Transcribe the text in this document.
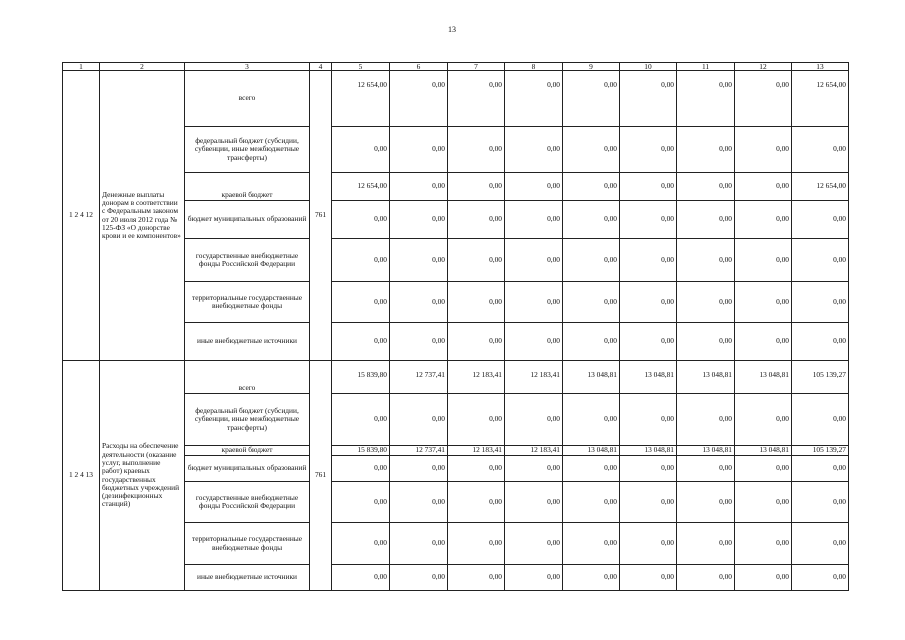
13
1	2	3	4	5	6	7	8	9	10	11	12	13
1 2 4 12	Денежные выплаты донорам в соответствии с Федеральным законом от 20 июля 2012 года № 125-ФЗ «О донорстве крови и ее компонентов»	всего	761	12 654,00	0,00	0,00	0,00	0,00	0,00	0,00	0,00	12 654,00
		федеральный бюджет (субсидии, субвенции, иные межбюджетные трансферты)		0,00	0,00	0,00	0,00	0,00	0,00	0,00	0,00	0,00
		краевой бюджет		12 654,00	0,00	0,00	0,00	0,00	0,00	0,00	0,00	12 654,00
		бюджет муниципальных образований		0,00	0,00	0,00	0,00	0,00	0,00	0,00	0,00	0,00
		государственные внебюджетные фонды Российской Федерации		0,00	0,00	0,00	0,00	0,00	0,00	0,00	0,00	0,00
		территориальные государственные внебюджетные фонды		0,00	0,00	0,00	0,00	0,00	0,00	0,00	0,00	0,00
		иные внебюджетные источники		0,00	0,00	0,00	0,00	0,00	0,00	0,00	0,00	0,00
1 2 4 13	Расходы на обеспечение деятельности (оказание услуг, выполнение работ) краевых государственных бюджетных учреждений (дезинфекционных станций)	всего	761	15 839,80	12 737,41	12 183,41	12 183,41	13 048,81	13 048,81	13 048,81	13 048,81	105 139,27
		федеральный бюджет (субсидии, субвенции, иные межбюджетные трансферты)		0,00	0,00	0,00	0,00	0,00	0,00	0,00	0,00	0,00
		краевой бюджет		15 839,80	12 737,41	12 183,41	12 183,41	13 048,81	13 048,81	13 048,81	13 048,81	105 139,27
		бюджет муниципальных образований		0,00	0,00	0,00	0,00	0,00	0,00	0,00	0,00	0,00
		государственные внебюджетные фонды Российской Федерации		0,00	0,00	0,00	0,00	0,00	0,00	0,00	0,00	0,00
		территориальные государственные внебюджетные фонды		0,00	0,00	0,00	0,00	0,00	0,00	0,00	0,00	0,00
		иные внебюджетные источники		0,00	0,00	0,00	0,00	0,00	0,00	0,00	0,00	0,00
